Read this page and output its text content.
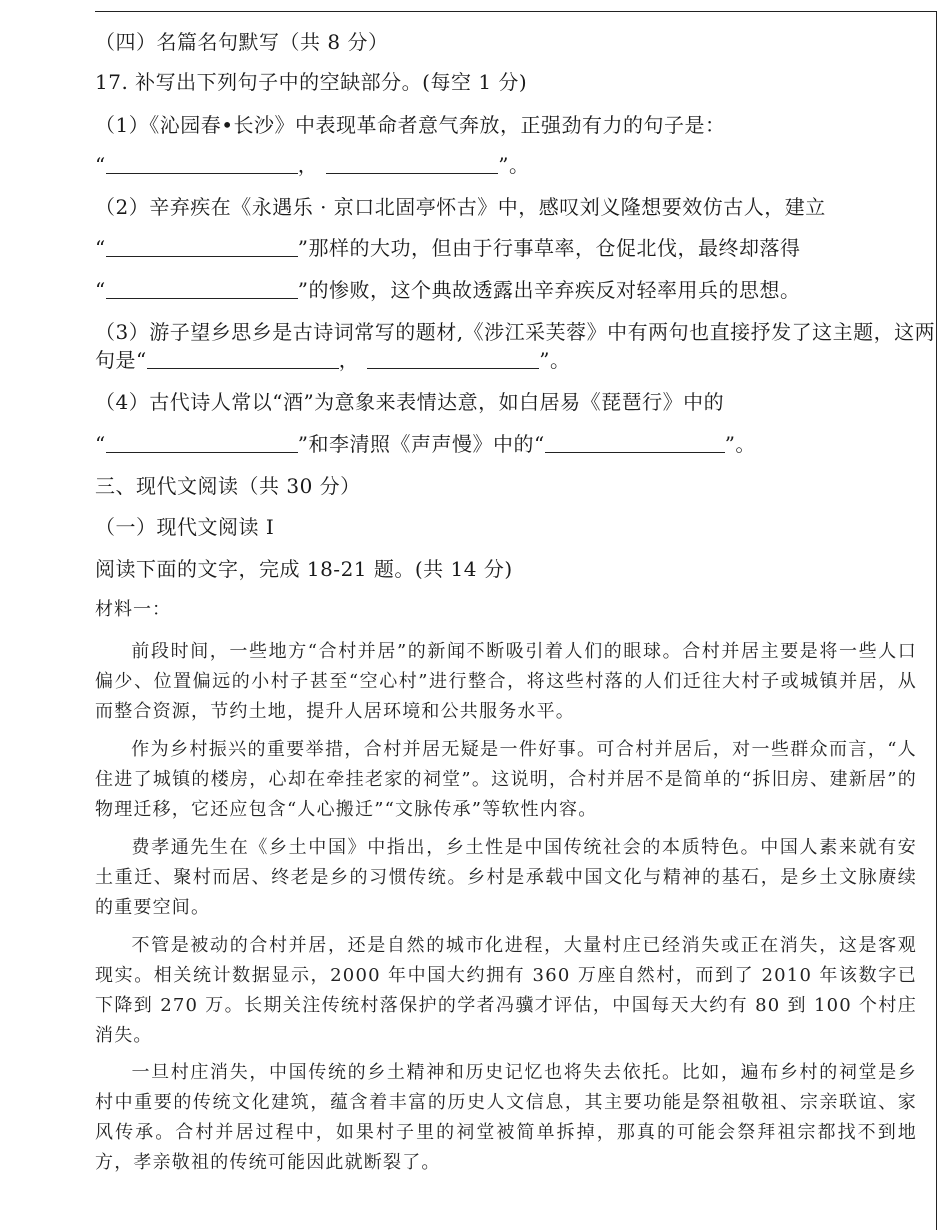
（四）名篇名句默写（共 8 分）
17. 补写出下列句子中的空缺部分。(每空 1 分)
（1）《沁园春•长沙》中表现革命者意气奔放，正强劲有力的句子是：
“	，	”。
（2）辛弃疾在《永遇乐 · 京口北固亭怀古》中，感叹刘义隆想要效仿古人，建立
“	”那样的大功，但由于行事草率，仓促北伐，最终却落得
“	”的惨败，这个典故透露出辛弃疾反对轻率用兵的思想。
（3）游子望乡思乡是古诗词常写的题材,《涉江采芙蓉》中有两句也直接抒发了这主题，这两
句是“	，	”。
（4）古代诗人常以“酒”为意象来表情达意，如白居易《琵琶行》中的
“	”和李清照《声声慢》中的“	”。
三、现代文阅读（共 30 分）
（一）现代文阅读 I
阅读下面的文字，完成 18-21 题。(共 14 分)
材料一：
前段时间，一些地方“合村并居”的新闻不断吸引着人们的眼球。合村并居主要是将一些人口偏少、位置偏远的小村子甚至“空心村”进行整合，将这些村落的人们迁往大村子或城镇并居，从而整合资源，节约土地，提升人居环境和公共服务水平。
作为乡村振兴的重要举措，合村并居无疑是一件好事。可合村并居后，对一些群众而言，“人住进了城镇的楼房，心却在牵挂老家的祠堂”。这说明，合村并居不是简单的“拆旧房、建新居”的物理迁移，它还应包含“人心搬迁”“文脉传承”等软性内容。
费孝通先生在《乡土中国》中指出，乡土性是中国传统社会的本质特色。中国人素来就有安土重迁、聚村而居、终老是乡的习惯传统。乡村是承载中国文化与精神的基石，是乡土文脉赓续的重要空间。
不管是被动的合村并居，还是自然的城市化进程，大量村庄已经消失或正在消失，这是客观现实。相关统计数据显示，2000 年中国大约拥有 360 万座自然村，而到了 2010 年该数字已下降到 270 万。长期关注传统村落保护的学者冯骥才评估，中国每天大约有 80 到 100 个村庄消失。
一旦村庄消失，中国传统的乡土精神和历史记忆也将失去依托。比如，遍布乡村的祠堂是乡村中重要的传统文化建筑，蕴含着丰富的历史人文信息，其主要功能是祭祖敬祖、宗亲联谊、家风传承。合村并居过程中，如果村子里的祠堂被简单拆掉，那真的可能会祭拜祖宗都找不到地方，孝亲敬祖的传统可能因此就断裂了。
